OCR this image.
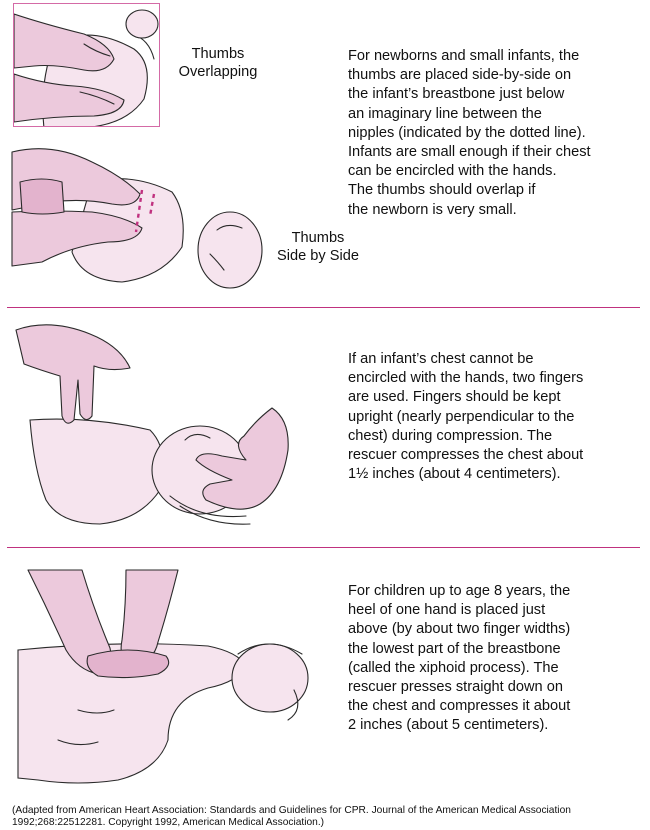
Thumbs
Overlapping
Thumbs
Side by Side
For newborns and small infants, the
thumbs are placed side-by-side on
the infant’s breastbone just below
an imaginary line between the
nipples (indicated by the dotted line).
Infants are small enough if their chest
can be encircled with the hands.
The thumbs should overlap if
the newborn is very small.
If an infant’s chest cannot be
encircled with the hands, two fingers
are used. Fingers should be kept
upright (nearly perpendicular to the
chest) during compression. The
rescuer compresses the chest about
1½ inches (about 4 centimeters).
For children up to age 8 years, the
heel of one hand is placed just
above (by about two finger widths)
the lowest part of the breastbone
(called the xiphoid process). The
rescuer presses straight down on
the chest and compresses it about
2 inches (about 5 centimeters).
(Adapted from American Heart Association: Standards and Guidelines for CPR. Journal of the American Medical Association
1992;268:22512281. Copyright 1992, American Medical Association.)
